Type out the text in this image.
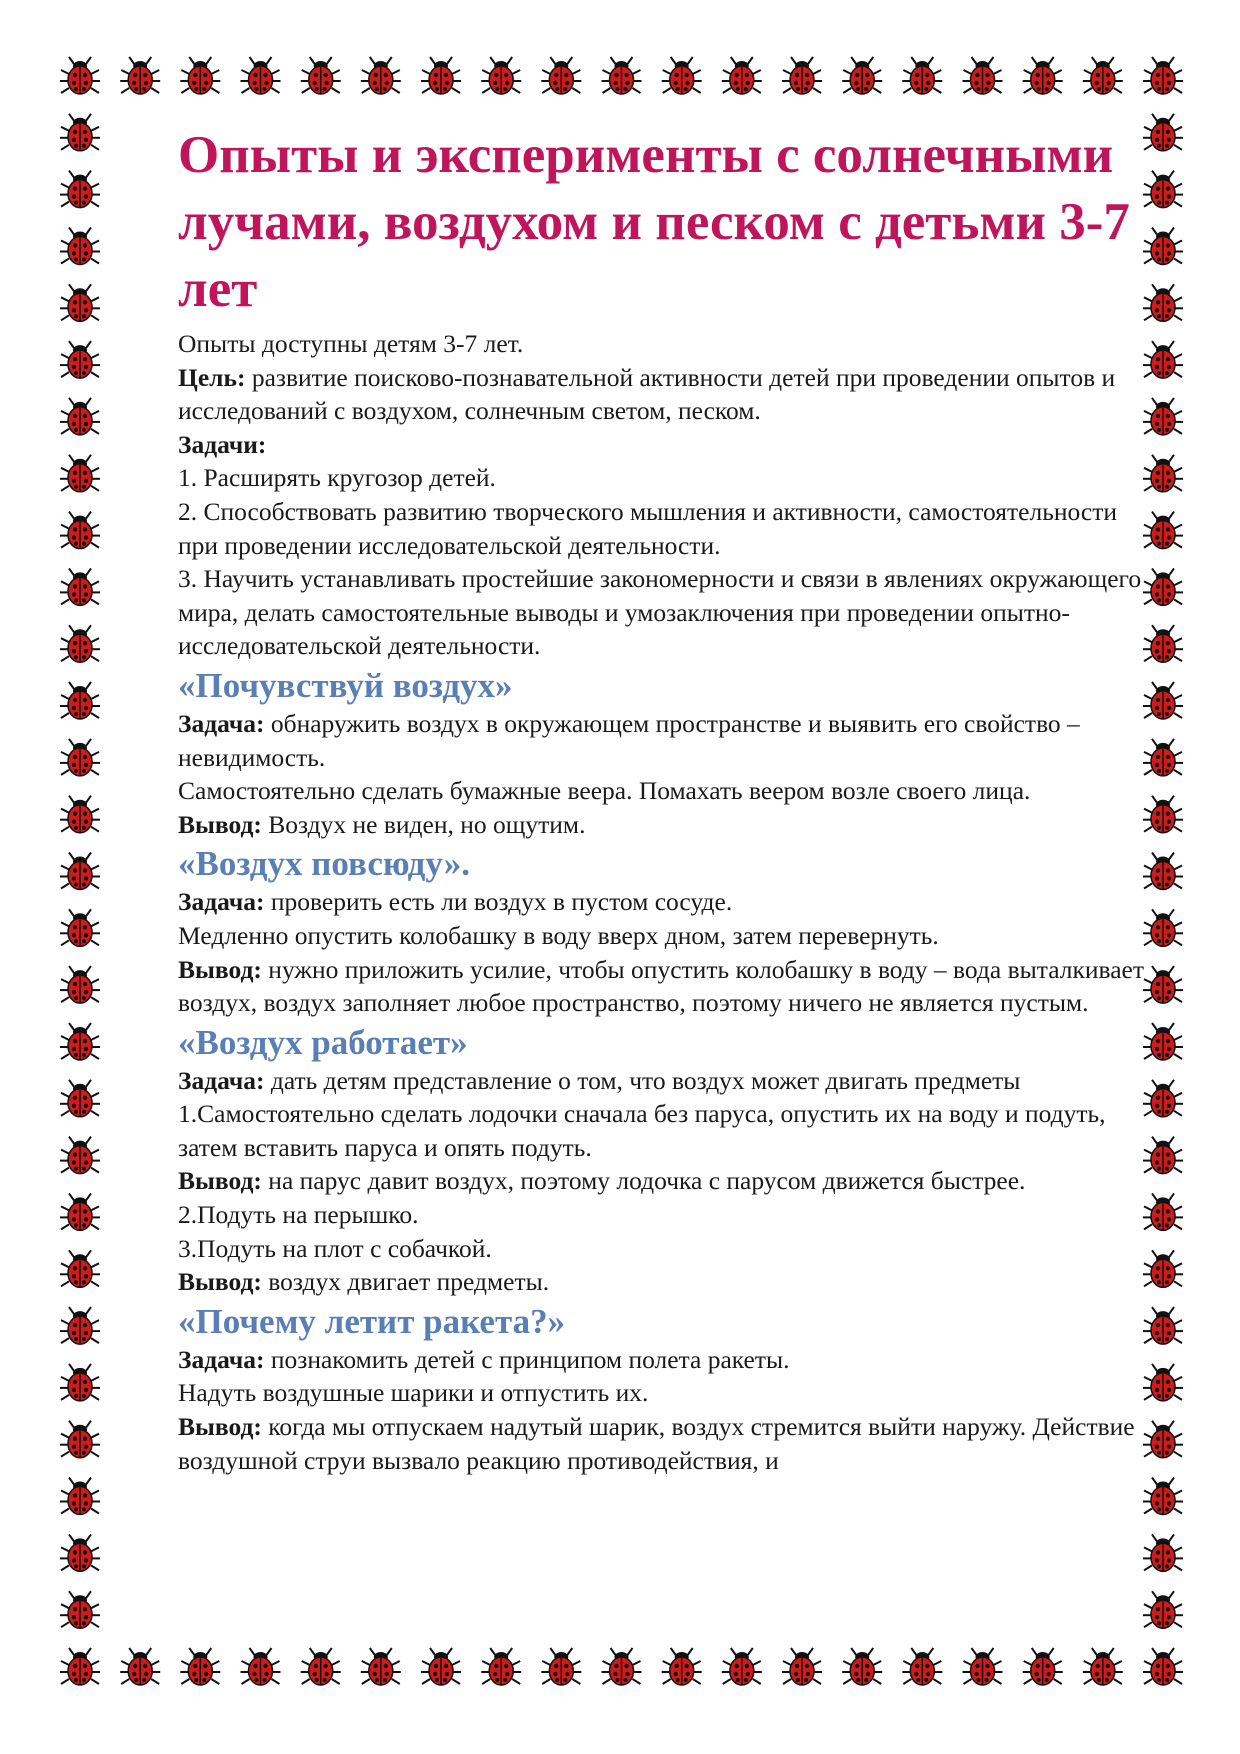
Опыты и эксперименты с солнечными лучами, воздухом и песком с детьми 3-7 лет

Опыты доступны детям 3-7 лет.

Цель: развитие поисково-познавательной активности детей при проведении опытов и исследований с воздухом, солнечным светом, песком.

Задачи:

1. Расширять кругозор детей.

2. Способствовать развитию творческого мышления и активности, самостоятельности при проведении исследовательской деятельности.

3. Научить устанавливать простейшие закономерности и связи в явлениях окружающего мира, делать самостоятельные выводы и умозаключения при проведении опытно-исследовательской деятельности.

«Почувствуй воздух»

Задача: обнаружить воздух в окружающем пространстве и выявить его свойство – невидимость.

Самостоятельно сделать бумажные веера. Помахать веером возле своего лица.

Вывод: Воздух не виден, но ощутим.

«Воздух повсюду».

Задача: проверить есть ли воздух в пустом сосуде.

Медленно опустить колобашку в воду вверх дном, затем перевернуть.

Вывод: нужно приложить усилие, чтобы опустить колобашку в воду – вода выталкивает воздух, воздух заполняет любое пространство, поэтому ничего не является пустым.

«Воздух работает»

Задача: дать детям представление о том, что воздух может двигать предметы

1.Самостоятельно сделать лодочки сначала без паруса, опустить их на воду и подуть, затем вставить паруса и опять подуть.

Вывод: на парус давит воздух, поэтому лодочка с парусом движется быстрее.

2.Подуть на перышко.

3.Подуть на плот с собачкой.

Вывод: воздух двигает предметы.

«Почему летит ракета?»

Задача: познакомить детей с принципом полета ракеты.

Надуть воздушные шарики и отпустить их.

Вывод: когда мы отпускаем надутый шарик, воздух стремится выйти наружу. Действие воздушной струи вызвало реакцию противодействия, и
